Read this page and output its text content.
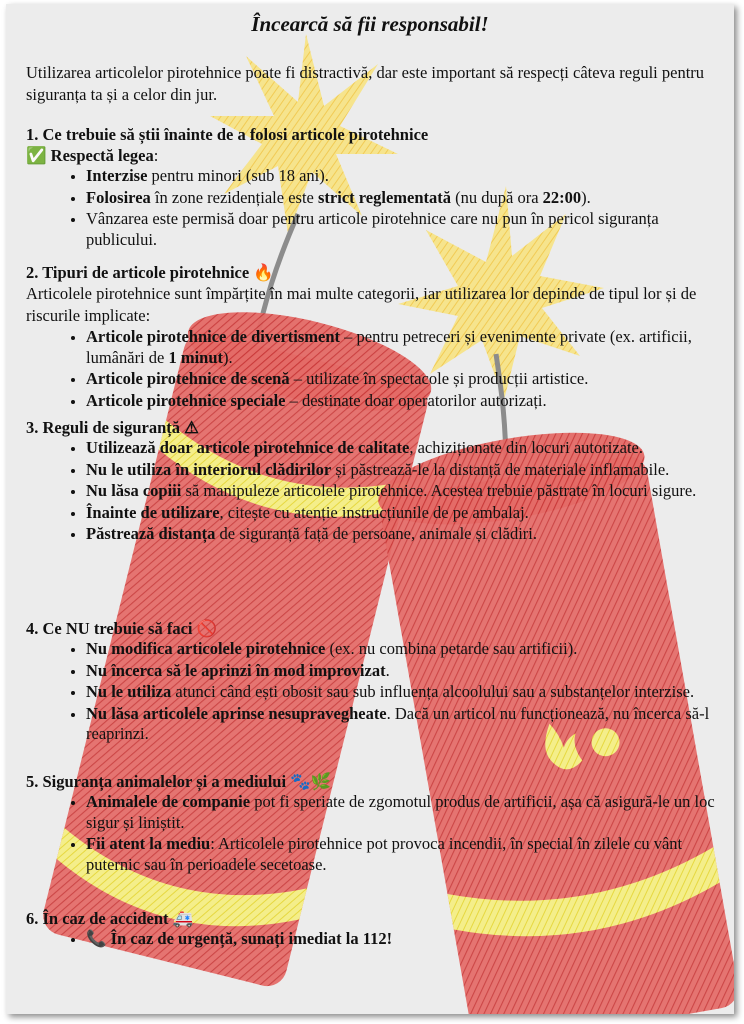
Încearcă să fii responsabil!
Utilizarea articolelor pirotehnice poate fi distractivă, dar este important să respecți câteva reguli pentru siguranța ta și a celor din jur.
1. Ce trebuie să știi înainte de a folosi articole pirotehnice
✅ Respectă legea:
• Interzise pentru minori (sub 18 ani).
• Folosirea în zone rezidențiale este strict reglementată (nu după ora 22:00).
• Vânzarea este permisă doar pentru articole pirotehnice care nu pun în pericol siguranța publicului.
2. Tipuri de articole pirotehnice 🔥
Articolele pirotehnice sunt împărțite în mai multe categorii, iar utilizarea lor depinde de tipul lor și de riscurile implicate:
• Articole pirotehnice de divertisment – pentru petreceri și evenimente private (ex. artificii, lumânări de 1 minut).
• Articole pirotehnice de scenă – utilizate în spectacole și producții artistice.
• Articole pirotehnice speciale – destinate doar operatorilor autorizați.
3. Reguli de siguranță ⚠
• Utilizează doar articole pirotehnice de calitate, achiziționate din locuri autorizate.
• Nu le utiliza în interiorul clădirilor și păstrează-le la distanță de materiale inflamabile.
• Nu lăsa copiii să manipuleze articolele pirotehnice. Acestea trebuie păstrate în locuri sigure.
• Înainte de utilizare, citește cu atenție instrucțiunile de pe ambalaj.
• Păstrează distanța de siguranță față de persoane, animale și clădiri.
4. Ce NU trebuie să faci 🚫
• Nu modifica articolele pirotehnice (ex. nu combina petarde sau artificii).
• Nu încerca să le aprinzi în mod improvizat.
• Nu le utiliza atunci când ești obosit sau sub influența alcoolului sau a substanțelor interzise.
• Nu lăsa articolele aprinse nesupravegheate. Dacă un articol nu funcționează, nu încerca să-l reaprinzi.
5. Siguranța animalelor și a mediului 🐾🌿
• Animalele de companie pot fi speriate de zgomotul produs de artificii, așa că asigură-le un loc sigur și liniștit.
• Fii atent la mediu: Articolele pirotehnice pot provoca incendii, în special în zilele cu vânt puternic sau în perioadele secetoase.
6. În caz de accident 🚑
• 📞 În caz de urgență, sunați imediat la 112!
